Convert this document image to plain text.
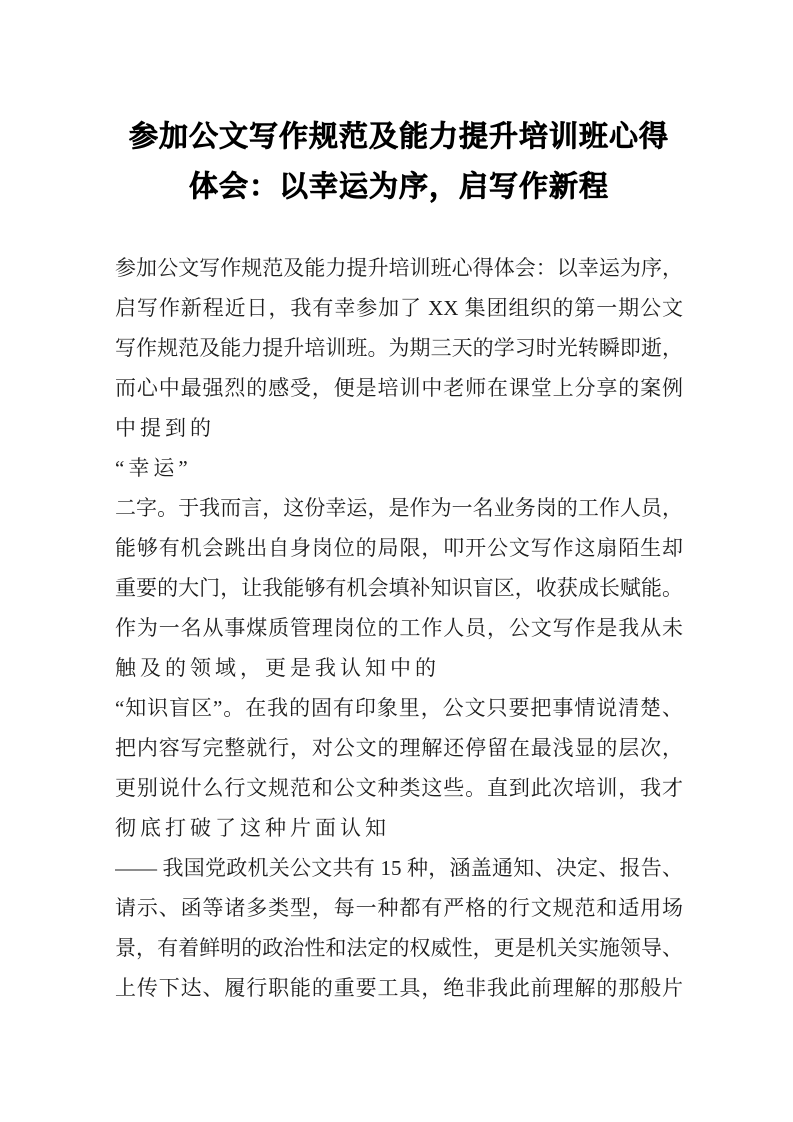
参加公文写作规范及能力提升培训班心得
体会：以幸运为序，启写作新程
参加公文写作规范及能力提升培训班心得体会：以幸运为序，
启写作新程近日，我有幸参加了 XX 集团组织的第一期公文
写作规范及能力提升培训班。为期三天的学习时光转瞬即逝，
而心中最强烈的感受，便是培训中老师在课堂上分享的案例
中提到的
“幸运”
二字。于我而言，这份幸运，是作为一名业务岗的工作人员，
能够有机会跳出自身岗位的局限，叩开公文写作这扇陌生却
重要的大门，让我能够有机会填补知识盲区，收获成长赋能。
作为一名从事煤质管理岗位的工作人员，公文写作是我从未
触及的领域，更是我认知中的
“知识盲区”。在我的固有印象里，公文只要把事情说清楚、
把内容写完整就行，对公文的理解还停留在最浅显的层次，
更别说什么行文规范和公文种类这些。直到此次培训，我才
彻底打破了这种片面认知
—— 我国党政机关公文共有 15 种，涵盖通知、决定、报告、
请示、函等诸多类型，每一种都有严格的行文规范和适用场
景，有着鲜明的政治性和法定的权威性，更是机关实施领导、
上传下达、履行职能的重要工具，绝非我此前理解的那般片
